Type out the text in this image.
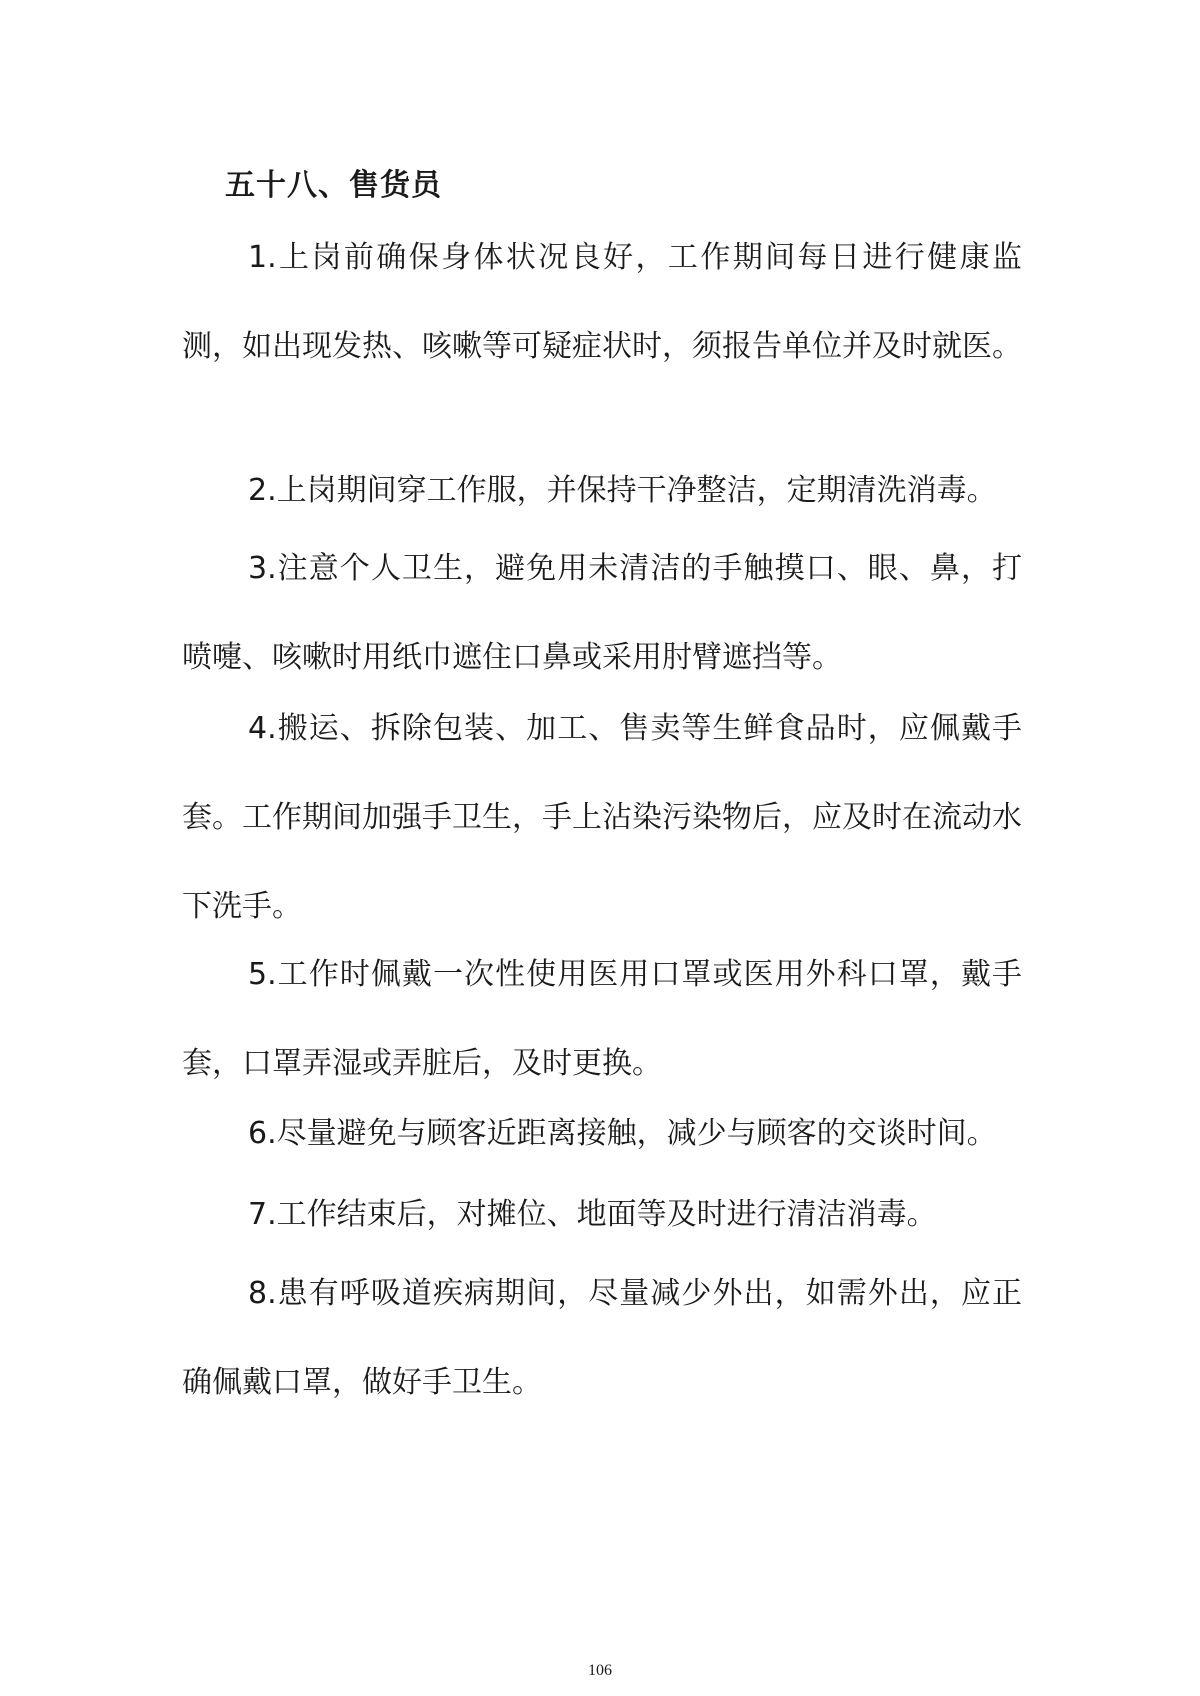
五十八、售货员

1.上岗前确保身体状况良好，工作期间每日进行健康监测，如出现发热、咳嗽等可疑症状时，须报告单位并及时就医。

2.上岗期间穿工作服，并保持干净整洁，定期清洗消毒。

3.注意个人卫生，避免用未清洁的手触摸口、眼、鼻，打喷嚏、咳嗽时用纸巾遮住口鼻或采用肘臂遮挡等。

4.搬运、拆除包装、加工、售卖等生鲜食品时，应佩戴手套。工作期间加强手卫生，手上沾染污染物后，应及时在流动水下洗手。

5.工作时佩戴一次性使用医用口罩或医用外科口罩，戴手套，口罩弄湿或弄脏后，及时更换。

6.尽量避免与顾客近距离接触，减少与顾客的交谈时间。

7.工作结束后，对摊位、地面等及时进行清洁消毒。

8.患有呼吸道疾病期间，尽量减少外出，如需外出，应正确佩戴口罩，做好手卫生。

106
